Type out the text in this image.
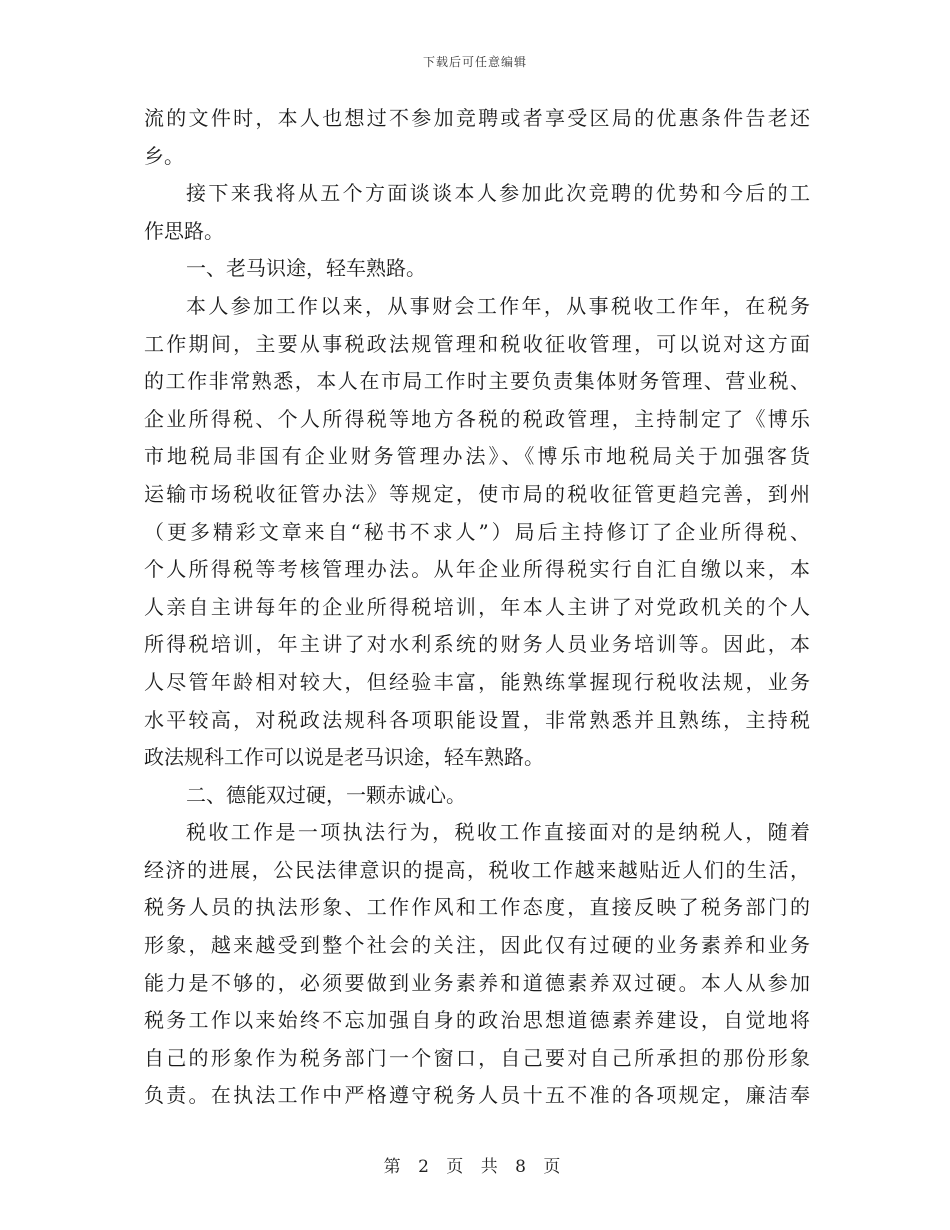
下载后可任意编辑
流的文件时，本人也想过不参加竞聘或者享受区局的优惠条件告老还
乡。
接下来我将从五个方面谈谈本人参加此次竞聘的优势和今后的工
作思路。
一、老马识途，轻车熟路。
本人参加工作以来，从事财会工作年，从事税收工作年，在税务
工作期间，主要从事税政法规管理和税收征收管理，可以说对这方面
的工作非常熟悉，本人在市局工作时主要负责集体财务管理、营业税、
企业所得税、个人所得税等地方各税的税政管理，主持制定了《博乐
市地税局非国有企业财务管理办法》、《博乐市地税局关于加强客货
运输市场税收征管办法》等规定，使市局的税收征管更趋完善，到州
（更多精彩文章来自“秘书不求人”）局后主持修订了企业所得税、
个人所得税等考核管理办法。从年企业所得税实行自汇自缴以来，本
人亲自主讲每年的企业所得税培训，年本人主讲了对党政机关的个人
所得税培训，年主讲了对水利系统的财务人员业务培训等。因此，本
人尽管年龄相对较大，但经验丰富，能熟练掌握现行税收法规，业务
水平较高，对税政法规科各项职能设置，非常熟悉并且熟练，主持税
政法规科工作可以说是老马识途，轻车熟路。
二、德能双过硬，一颗赤诚心。
税收工作是一项执法行为，税收工作直接面对的是纳税人，随着
经济的进展，公民法律意识的提高，税收工作越来越贴近人们的生活，
税务人员的执法形象、工作作风和工作态度，直接反映了税务部门的
形象，越来越受到整个社会的关注，因此仅有过硬的业务素养和业务
能力是不够的，必须要做到业务素养和道德素养双过硬。本人从参加
税务工作以来始终不忘加强自身的政治思想道德素养建设，自觉地将
自己的形象作为税务部门一个窗口，自己要对自己所承担的那份形象
负责。在执法工作中严格遵守税务人员十五不准的各项规定，廉洁奉
第 2 页 共 8 页
